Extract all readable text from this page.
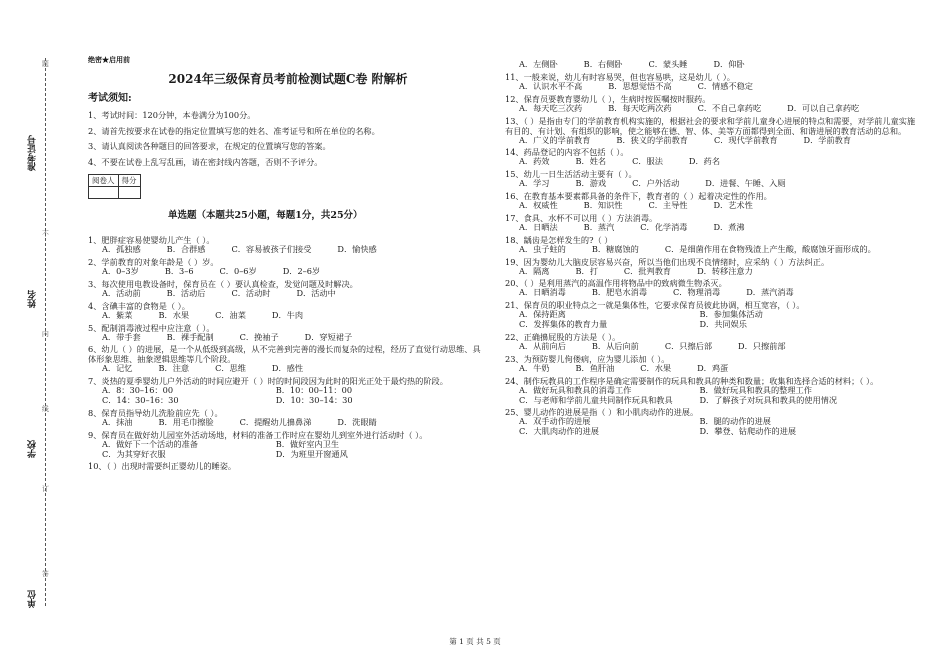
准考证号
姓名
学校
单位
题
不
内
线
订
答
绝密★启用前
2024年三级保育员考前检测试题C卷 附解析
考试须知:
1、考试时间：120分钟，本卷满分为100分。
2、请首先按要求在试卷的指定位置填写您的姓名、准考证号和所在单位的名称。
3、请认真阅读各种题目的回答要求，在规定的位置填写您的答案。
4、不要在试卷上乱写乱画，请在密封线内答题，否则不予评分。
阅卷人	得分

1、肥胖症容易使婴幼儿产生（ ）。
A．孤独感	B．合群感	C．容易被孩子们接受	D．愉快感
2、学前教育的对象年龄是（ ）岁。
A．0–3岁	B．3–6	C．0–6岁	D．2–6岁
3、每次使用电教设备时，保育员在（ ）要认真检查，发觉问题及时解决。
A．活动前	B．活动后	C．活动时	D．活动中
4、含碘丰富的食物是（ ）。
A．紫菜	B．水果	C．油菜	D．牛肉
5、配制消毒液过程中应注意（ ）。
A．带手套	B．裸手配制	C．挽袖子	D．穿短裙子
6、幼儿（ ）的进展，是一个从低级到高级，从不完善到完善的漫长而复杂的过程，经历了直觉行动思维、具体形象思维、抽象逻辑思维等几个阶段。
A．记忆	B．注意	C．思维	D．感性
7、炎热的夏季婴幼儿户外活动的时间应避开（ ）时的时间段因为此时的阳光正处于最灼热的阶段。
A．8：30–16：00	B．10：00–11：00
C．14：30–16：30	D．10：30–14：30
8、保育员指导幼儿洗脸前应先（ ）。
A．抹油	B．用毛巾擦脸	C．提醒幼儿擤鼻涕	D．洗眼睛
9、保育员在做好幼儿园室外活动场地，材料的准备工作时应在婴幼儿到室外进行活动时（ ）。
A．做好下一个活动的准备	B．做好室内卫生
C．为其穿好衣服	D．为班里开窗通风
10、（ ）出现时需要纠正婴幼儿的睡姿。
单选题（本题共25小题，每题1分，共25分）
A．左侧卧	B．右侧卧	C．蒙头睡	D．仰卧
11、一般来说，幼儿有时容易哭，但也容易哄，这是幼儿（ ）。
A．认识水平不高	B．思想觉悟不高	C．情感不稳定
12、保育员要教育婴幼儿（ ），生病时按医嘱按时服药。
A．每天吃三次药	B．每天吃两次药	C．不自己拿药吃	D．可以自己拿药吃
13、（ ）是指由专门的学前教育机构实施的，根据社会的要求和学前儿童身心进展的特点和需要，对学前儿童实施有目的、有计划、有组织的影响，使之能够在德、智、体、美等方面都得到全面、和谐进展的教育活动的总和。
A．广义的学前教育	B．狭义的学前教育	C．现代学前教育	D．学前教育
14、药品登记的内容不包括（ ）。
A．药效	B．姓名	C．服法	D．药名
15、幼儿一日生活活动主要有（ ）。
A．学习	B．游戏	C．户外活动	D．进餐、午睡、入厕
16、在教育基本要素都具备的条件下，教育者的（ ）起着决定性的作用。
A．权威性	B．知识性	C．主导性	D．艺术性
17、食具、水杯不可以用（ ）方法消毒。
A．日晒法	B．蒸汽	C．化学消毒	D．煮沸
18、龋齿是怎样发生的?（ ）
A．虫子蛀的	B．糖腐蚀的	C．是细菌作用在食物残渣上产生酸，酸腐蚀牙面形成的。
19、因为婴幼儿大脑皮层容易兴奋，所以当他们出现不良情绪时，应采纳（ ）方法纠正。
A．隔离	B．打	C．批判教育	D．转移注意力
20、（ ）是利用蒸汽的高温作用将物品中的致病微生物杀灭。
A．日晒消毒	B．肥皂水消毒	C．物理消毒	D．蒸汽消毒
21、保育员的职业特点之一就是集体性，它要求保育员彼此协调，相互宽容，（ ）。
A．保持距离	B．参加集体活动
C．发挥集体的教育力量	D．共同娱乐
22、正确擤屁股的方法是（ ）。
A．从前向后	B．从后向前	C．只擦后部	D．只擦前部
23、为预防婴儿佝偻病，应为婴儿添加（ ）。
A．牛奶	B．鱼肝油	C．水果	D．鸡蛋
24、制作玩教具的工作程序是确定需要制作的玩具和教具的种类和数量；收集和选择合适的材料；（ ）。
A．做好玩具和教具的消毒工作	B．做好玩具和教具的整理工作
C．与老师和学前儿童共同制作玩具和教具	D．了解孩子对玩具和教具的使用情况
25、婴儿动作的进展是指（ ）和小肌肉动作的进展。
A．双手动作的进展	B．腿的动作的进展
C．大肌肉动作的进展	D．攀登、钻爬动作的进展
第 1 页 共 5 页
